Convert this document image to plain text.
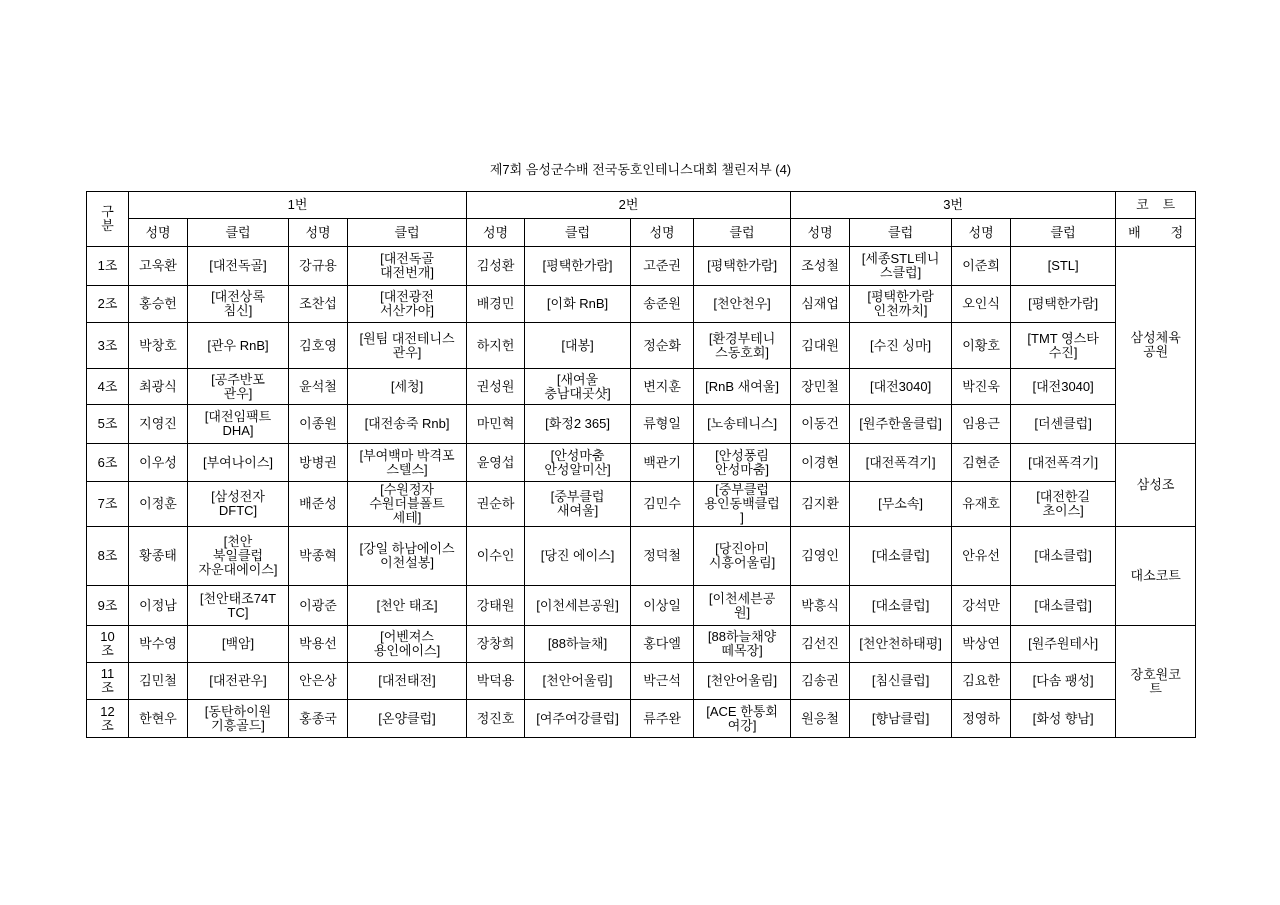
제7회 음성군수배 전국동호인테니스대회 챌린저부 (4)
구분	1번				2번				3번				코 트
	성명	클럽	성명	클럽	성명	클럽	성명	클럽	성명	클럽	성명	클럽	배 정
1조	고욱환	[대전독골]	강규용	[대전독골 대전번개]	김성환	[평택한가람]	고준권	[평택한가람]	조성철	[세종STL테니스클럽]	이준희	[STL]	삼성체육공원
2조	홍승헌	[대전상록 침신]	조찬섭	[대전광전 서산가야]	배경민	[이화 RnB]	송준원	[천안천우]	심재업	[평택한가람 인천까치]	오인식	[평택한가람]	
3조	박창호	[관우 RnB]	김호영	[원팀 대전테니스 관우]	하지헌	[대봉]	정순화	[환경부테니스동호회]	김대원	[수진 싱마]	이황호	[TMT 영스타 수진]	
4조	최광식	[공주반포 관우]	윤석철	[세청]	권성원	[새여울 충남대곳샷]	변지훈	[RnB 새여울]	장민철	[대전3040]	박진욱	[대전3040]	
5조	지영진	[대전임팩트 DHA]	이종원	[대전송죽 Rnb]	마민혁	[화정2 365]	류형일	[노송테니스]	이동건	[원주한울클럽]	임용근	[더센클럽]	
6조	이우성	[부여나이스]	방병권	[부여백마 박격포 스텔스]	윤영섭	[안성마춤 안성알미산]	백관기	[안성풍림 안성마춤]	이경현	[대전폭격기]	김현준	[대전폭격기]	삼성조
7조	이정훈	[삼성전자 DFTC]	배준성	[수원정자 수원더블폴트 세테]	권순하	[중부클럽 새여울]	김민수	[중부클럽 용인동백클럽]	김지환	[무소속]	유재호	[대전한길 초이스]	
8조	황종태	[천안 북일클럽 자운대에이스]	박종혁	[강일 하남에이스 이천설봉]	이수인	[당진 에이스]	정덕철	[당진아미 시흥어울림]	김영인	[대소클럽]	안유선	[대소클럽]	대소코트
9조	이정남	[천안태조74TTC]	이광준	[천안 태조]	강태원	[이천세븐공원]	이상일	[이천세븐공원]	박흥식	[대소클럽]	강석만	[대소클럽]	
10조	박수영	[백암]	박용선	[어벤져스 용인에이스]	장창희	[88하늘채]	홍다엘	[88하늘채양떼목장]	김선진	[천안천하태평]	박상연	[원주원테사]	장호원코트
11조	김민철	[대전관우]	안은상	[대전태전]	박덕용	[천안어울림]	박근석	[천안어울림]	김송권	[침신클럽]	김요한	[다솜 팽성]	
12조	한현우	[동탄하이원 기흥골드]	홍종국	[온양클럽]	정진호	[여주여강클럽]	류주완	[ACE 한통회 여강]	원응철	[향남클럽]	정영하	[화성 향남]	
